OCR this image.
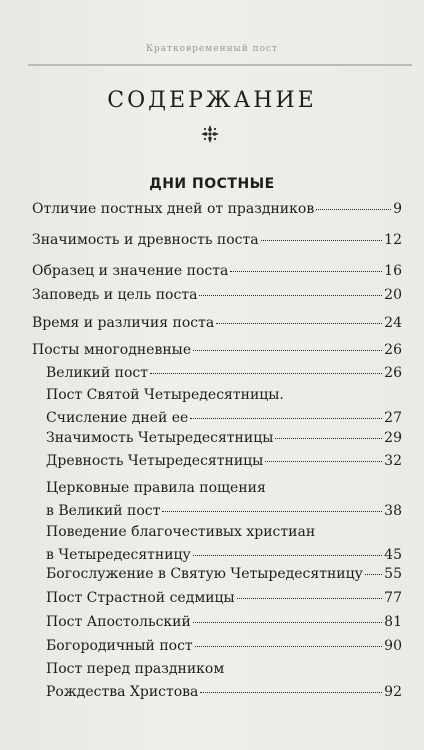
Кратковременный пост
СОДЕРЖАНИЕ
ДНИ ПОСТНЫЕ
Отличие постных дней от праздников	9
Значимость и древность поста	12
Образец и значение поста	16
Заповедь и цель поста	20
Время и различия поста	24
Посты многодневные	26
Великий пост	26
Пост Святой Четыредесятницы.
Счисление дней ее	27
Значимость Четыредесятницы	29
Древность Четыредесятницы	32
Церковные правила пощения
в Великий пост	38
Поведение благочестивых христиан
в Четыредесятницу	45
Богослужение в Святую Четыредесятницу 55
Пост Страстной седмицы	77
Пост Апостольский	81
Богородичный пост	90
Пост перед праздником
Рождества Христова	92
